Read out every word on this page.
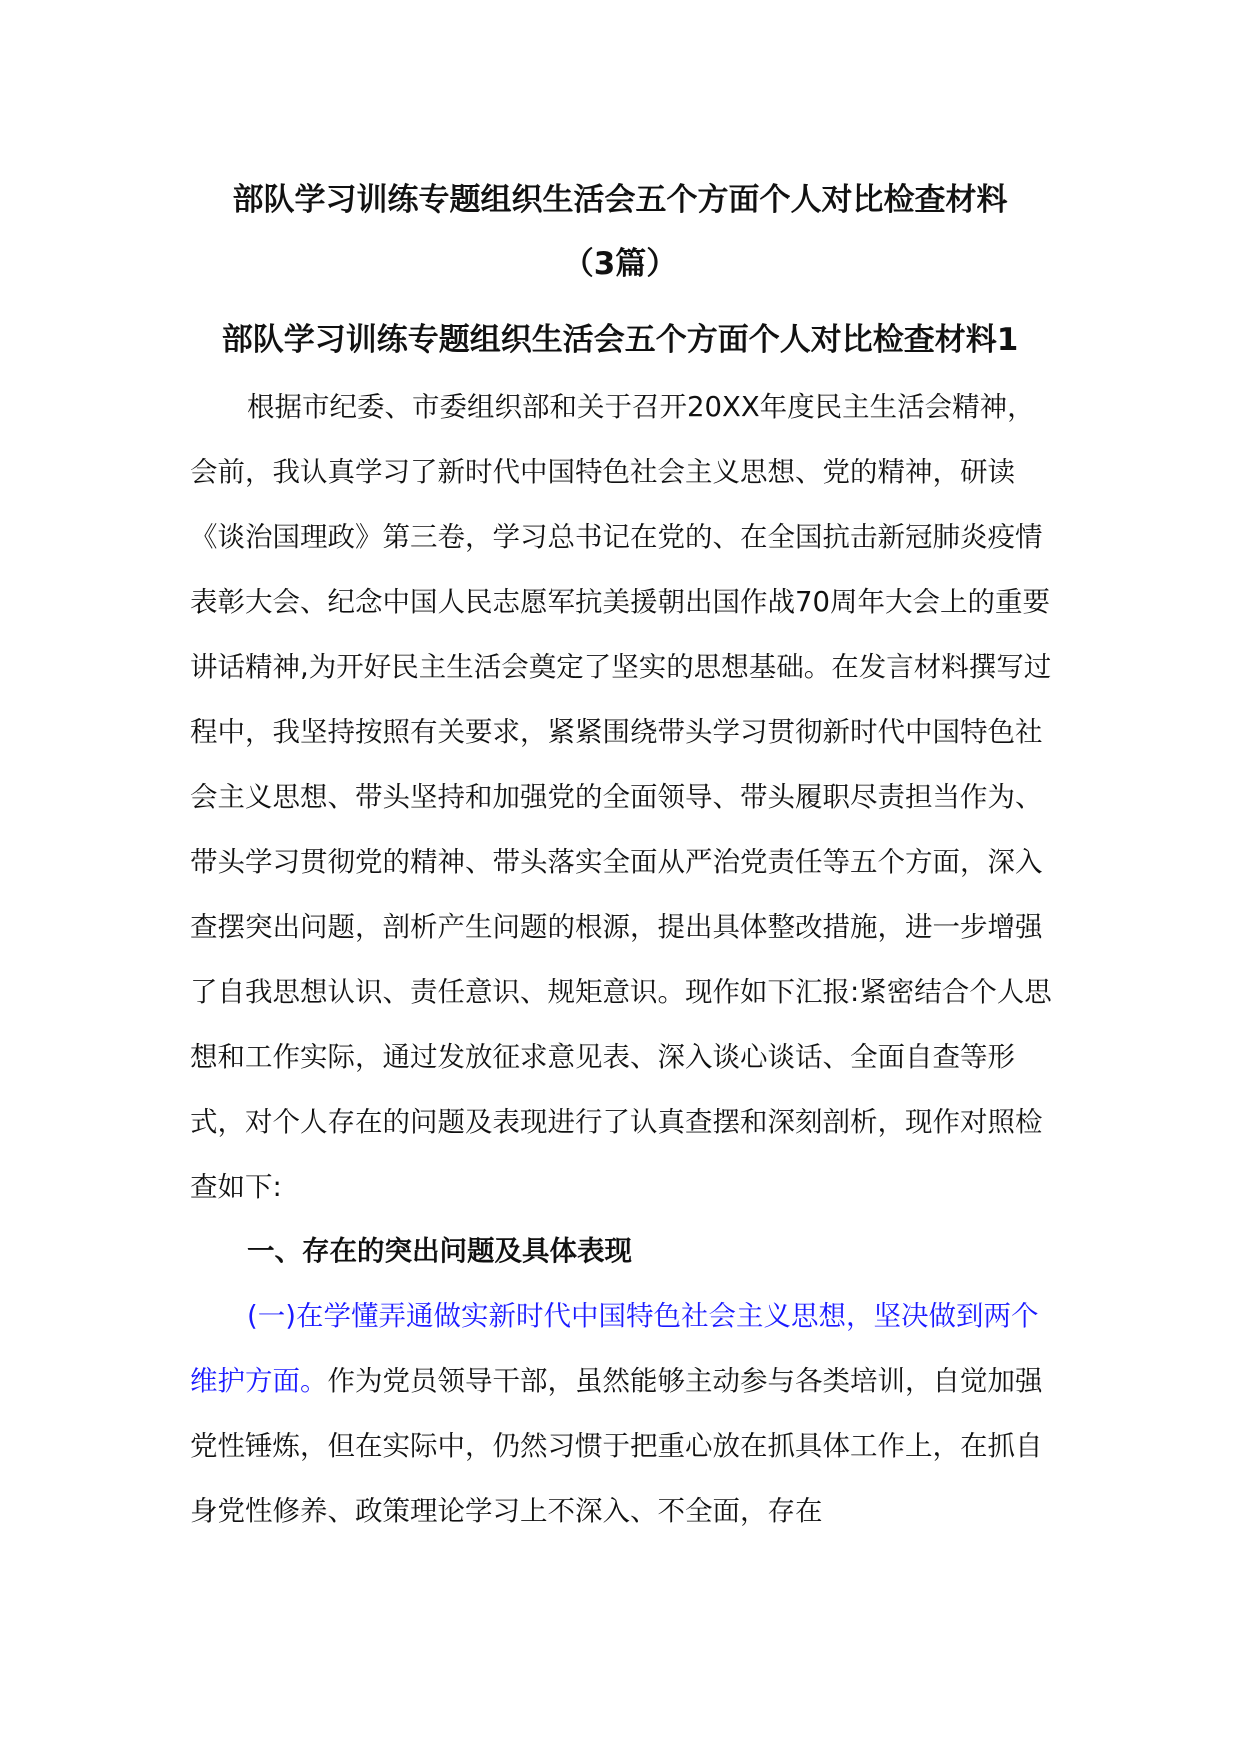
部队学习训练专题组织生活会五个方面个人对比检查材料
（3篇）
部队学习训练专题组织生活会五个方面个人对比检查材料1

根据市纪委、市委组织部和关于召开20XX年度民主生活会精神，会前，我认真学习了新时代中国特色社会主义思想、党的精神，研读《谈治国理政》第三卷，学习总书记在党的、在全国抗击新冠肺炎疫情表彰大会、纪念中国人民志愿军抗美援朝出国作战70周年大会上的重要讲话精神,为开好民主生活会奠定了坚实的思想基础。在发言材料撰写过程中，我坚持按照有关要求，紧紧围绕带头学习贯彻新时代中国特色社会主义思想、带头坚持和加强党的全面领导、带头履职尽责担当作为、带头学习贯彻党的精神、带头落实全面从严治党责任等五个方面，深入查摆突出问题，剖析产生问题的根源，提出具体整改措施，进一步增强了自我思想认识、责任意识、规矩意识。现作如下汇报:紧密结合个人思想和工作实际，通过发放征求意见表、深入谈心谈话、全面自查等形式，对个人存在的问题及表现进行了认真查摆和深刻剖析，现作对照检查如下:

一、存在的突出问题及具体表现

(一)在学懂弄通做实新时代中国特色社会主义思想，坚决做到两个维护方面。作为党员领导干部，虽然能够主动参与各类培训，自觉加强党性锤炼，但在实际中，仍然习惯于把重心放在抓具体工作上，在抓自身党性修养、政策理论学习上不深入、不全面，存在
